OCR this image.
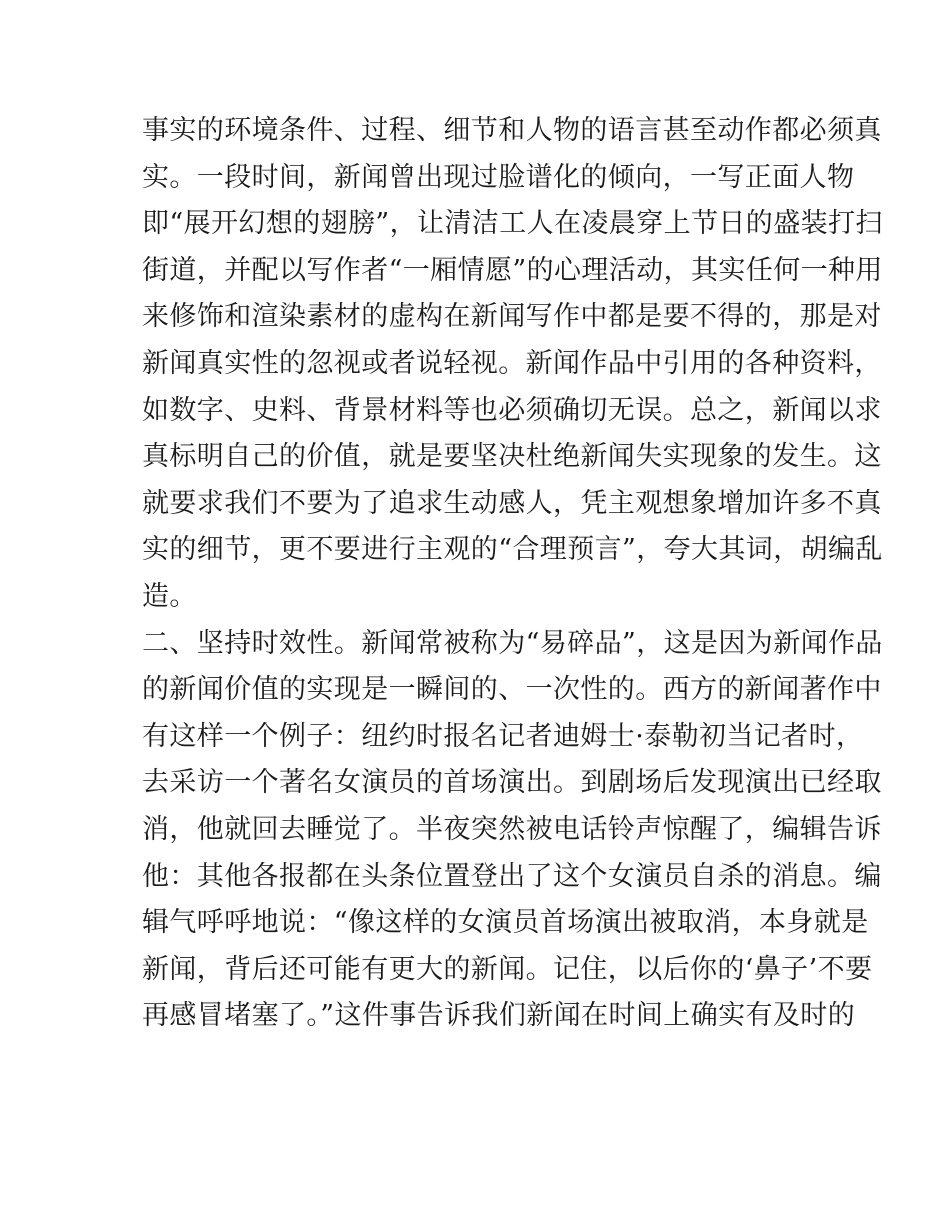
事实的环境条件、过程、细节和人物的语言甚至动作都必须真
实。一段时间，新闻曾出现过脸谱化的倾向，一写正面人物
即“展开幻想的翅膀”，让清洁工人在凌晨穿上节日的盛装打扫
街道，并配以写作者“一厢情愿”的心理活动，其实任何一种用
来修饰和渲染素材的虚构在新闻写作中都是要不得的，那是对
新闻真实性的忽视或者说轻视。新闻作品中引用的各种资料，
如数字、史料、背景材料等也必须确切无误。总之，新闻以求
真标明自己的价值，就是要坚决杜绝新闻失实现象的发生。这
就要求我们不要为了追求生动感人，凭主观想象增加许多不真
实的细节，更不要进行主观的“合理预言”，夸大其词，胡编乱
造。
二、坚持时效性。新闻常被称为“易碎品”，这是因为新闻作品
的新闻价值的实现是一瞬间的、一次性的。西方的新闻著作中
有这样一个例子：纽约时报名记者迪姆士·泰勒初当记者时，
去采访一个著名女演员的首场演出。到剧场后发现演出已经取
消，他就回去睡觉了。半夜突然被电话铃声惊醒了，编辑告诉
他：其他各报都在头条位置登出了这个女演员自杀的消息。编
辑气呼呼地说：“像这样的女演员首场演出被取消，本身就是
新闻，背后还可能有更大的新闻。记住，以后你的‘鼻子’不要
再感冒堵塞了。”这件事告诉我们新闻在时间上确实有及时的
